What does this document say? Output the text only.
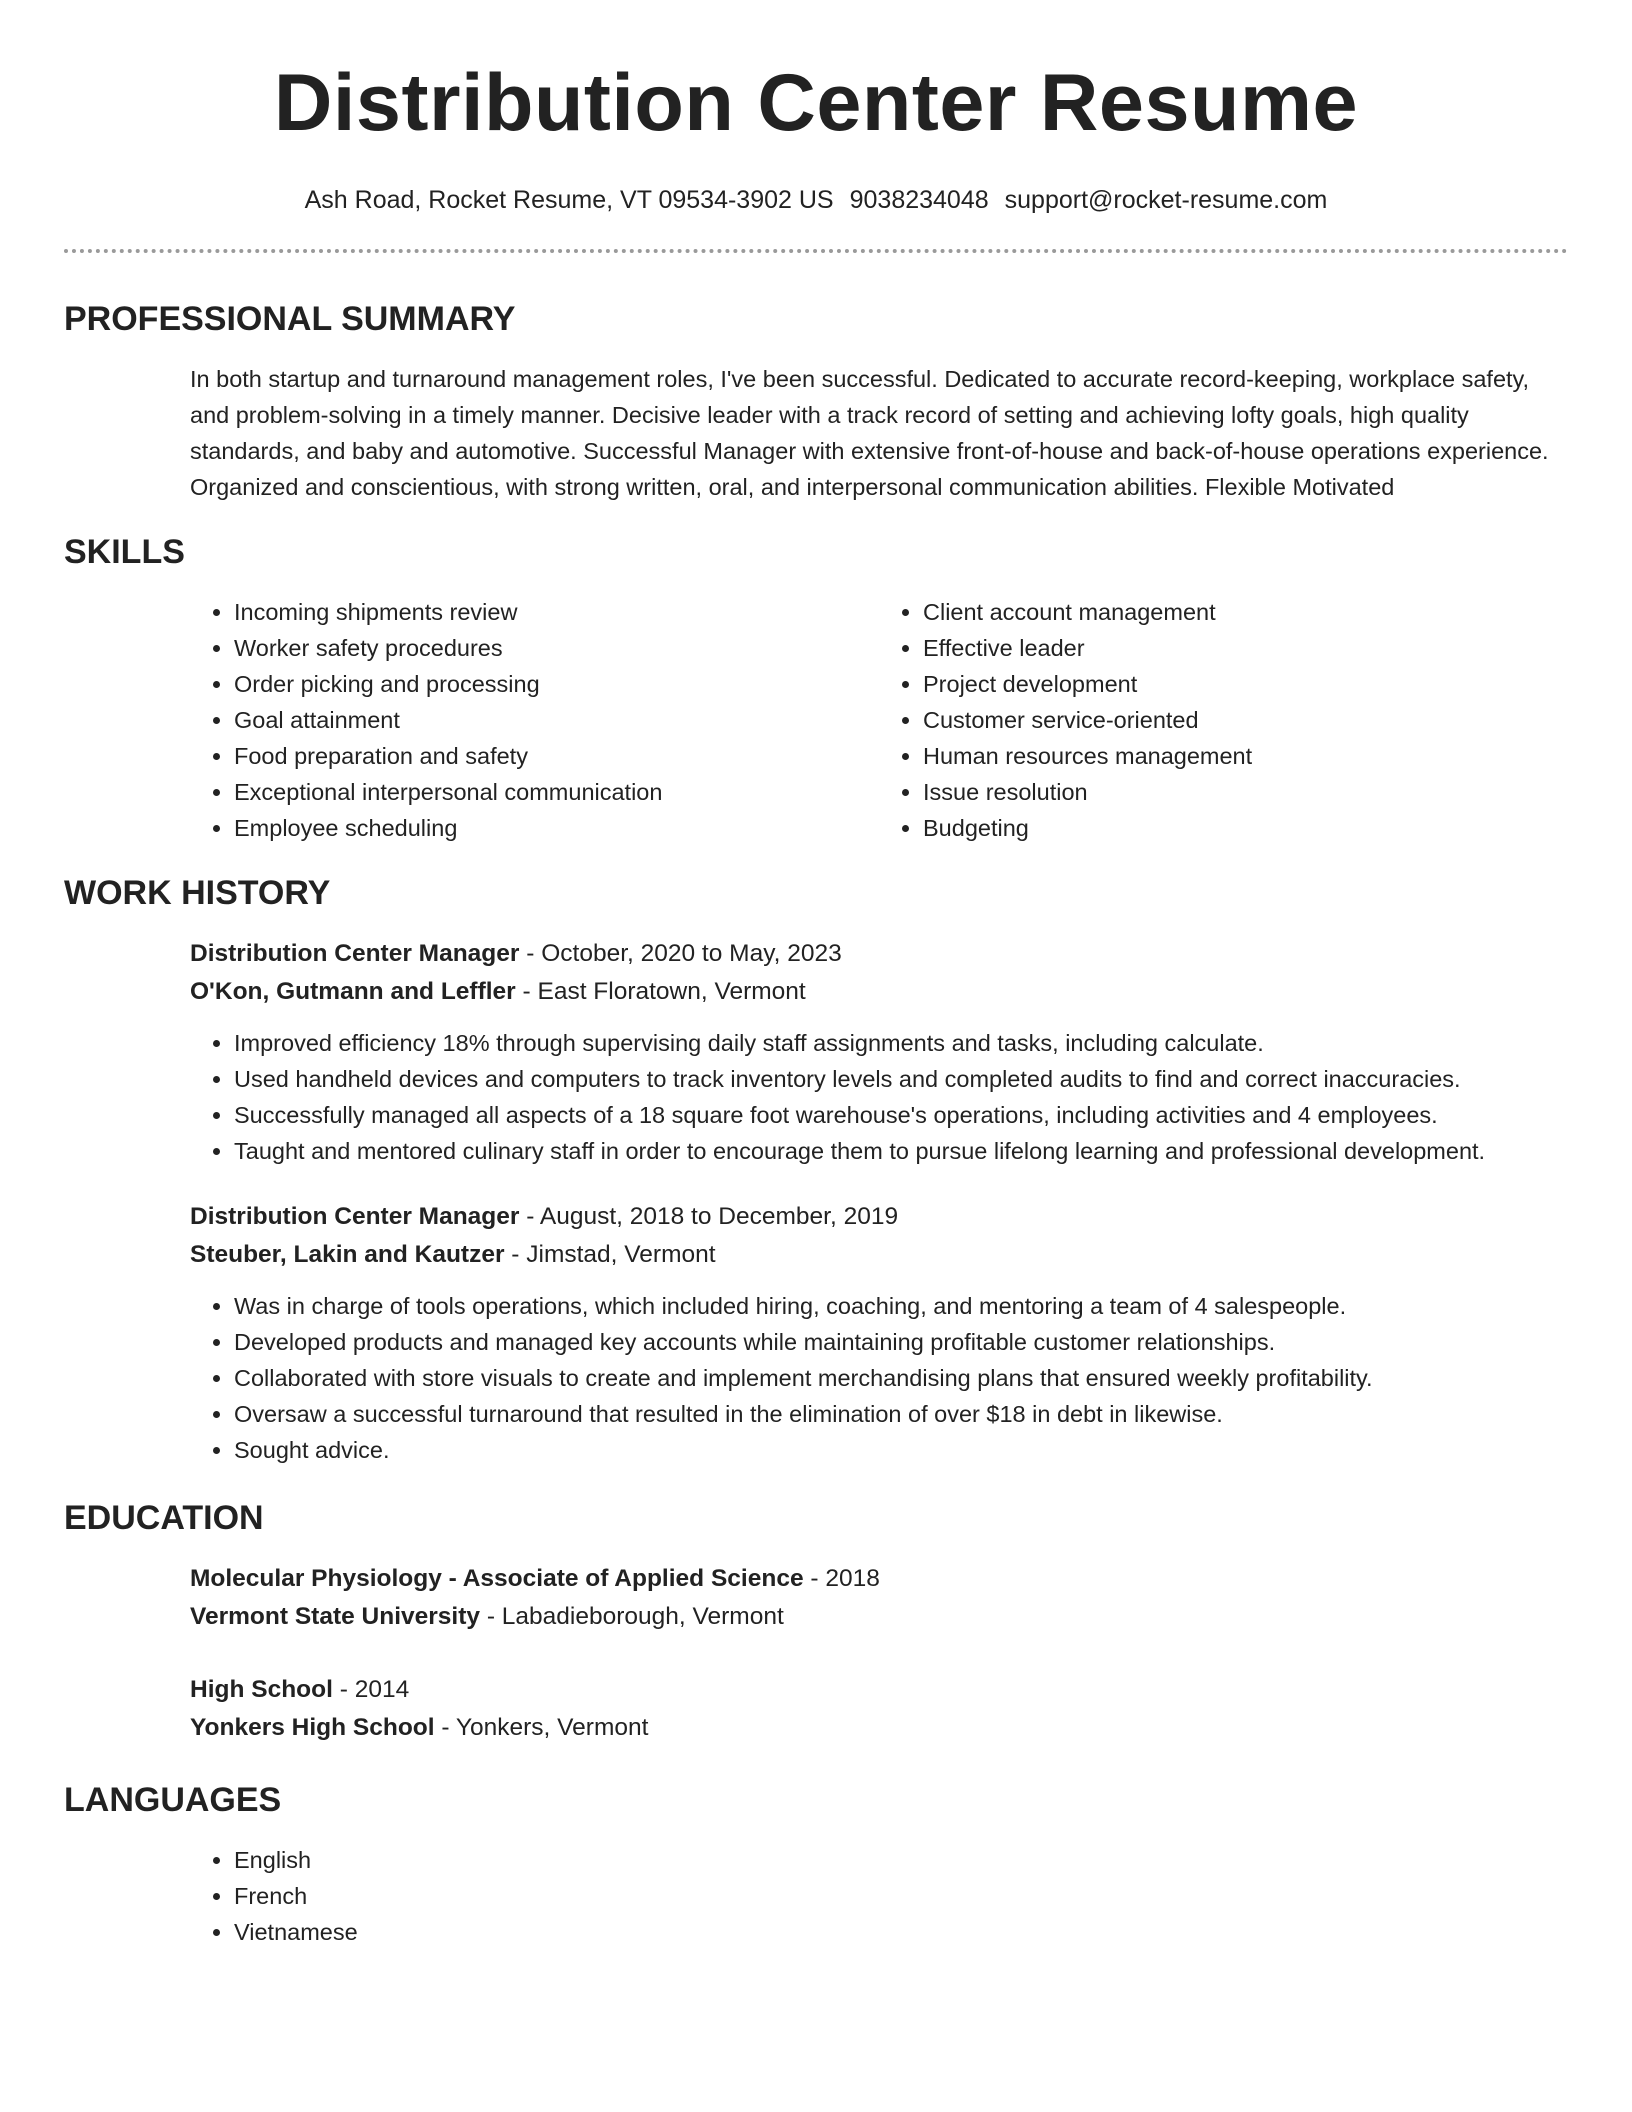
Distribution Center Resume
Ash Road, Rocket Resume, VT 09534-3902 US 9038234048 support@rocket-resume.com
PROFESSIONAL SUMMARY
In both startup and turnaround management roles, I've been successful. Dedicated to accurate record-keeping, workplace safety, and problem-solving in a timely manner. Decisive leader with a track record of setting and achieving lofty goals, high quality standards, and baby and automotive. Successful Manager with extensive front-of-house and back-of-house operations experience. Organized and conscientious, with strong written, oral, and interpersonal communication abilities. Flexible Motivated
SKILLS
• Incoming shipments review
• Worker safety procedures
• Order picking and processing
• Goal attainment
• Food preparation and safety
• Exceptional interpersonal communication
• Employee scheduling
• Client account management
• Effective leader
• Project development
• Customer service-oriented
• Human resources management
• Issue resolution
• Budgeting
WORK HISTORY
Distribution Center Manager - October, 2020 to May, 2023
O'Kon, Gutmann and Leffler - East Floratown, Vermont
• Improved efficiency 18% through supervising daily staff assignments and tasks, including calculate.
• Used handheld devices and computers to track inventory levels and completed audits to find and correct inaccuracies.
• Successfully managed all aspects of a 18 square foot warehouse's operations, including activities and 4 employees.
• Taught and mentored culinary staff in order to encourage them to pursue lifelong learning and professional development.
Distribution Center Manager - August, 2018 to December, 2019
Steuber, Lakin and Kautzer - Jimstad, Vermont
• Was in charge of tools operations, which included hiring, coaching, and mentoring a team of 4 salespeople.
• Developed products and managed key accounts while maintaining profitable customer relationships.
• Collaborated with store visuals to create and implement merchandising plans that ensured weekly profitability.
• Oversaw a successful turnaround that resulted in the elimination of over $18 in debt in likewise.
• Sought advice.
EDUCATION
Molecular Physiology - Associate of Applied Science - 2018
Vermont State University - Labadieborough, Vermont
High School - 2014
Yonkers High School - Yonkers, Vermont
LANGUAGES
• English
• French
• Vietnamese
